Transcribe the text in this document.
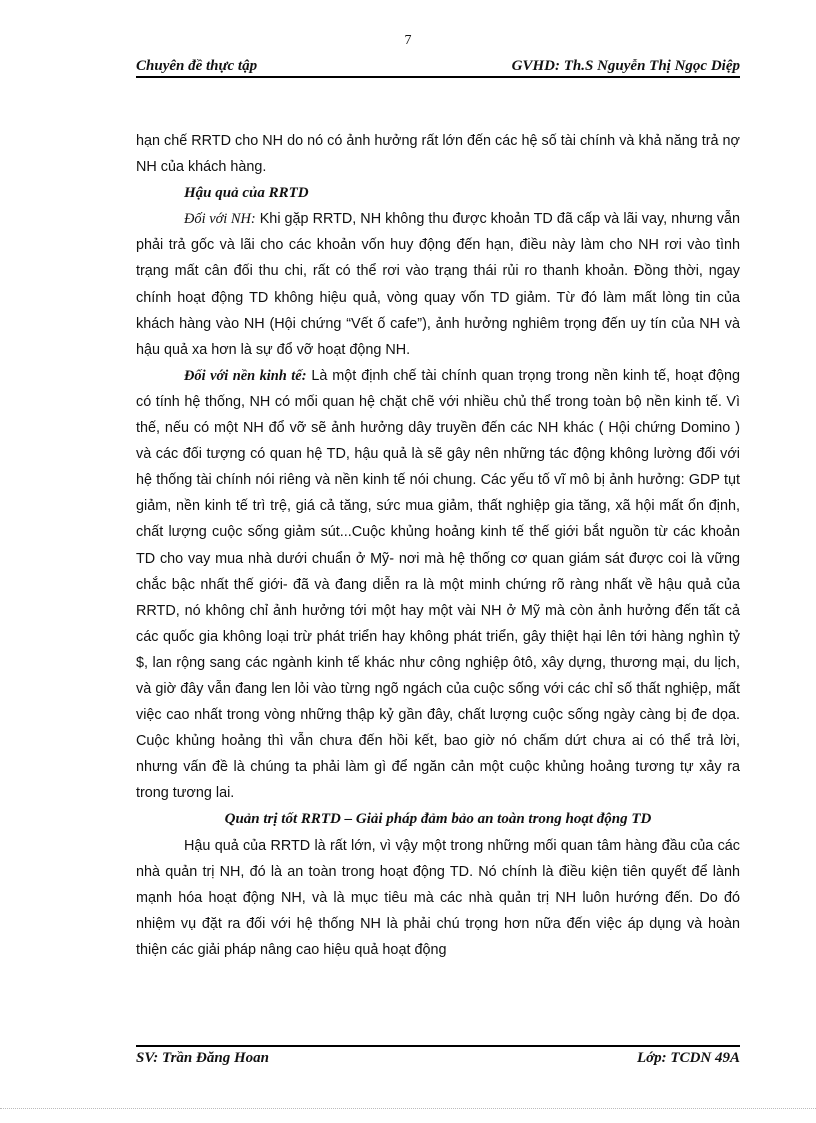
7
Chuyên đề thực tập	GVHD: Th.S Nguyễn Thị Ngọc Diệp

hạn chế RRTD cho NH do nó có ảnh hưởng rất lớn đến các hệ số tài chính và khả năng trả nợ NH của khách hàng.

Hậu quả của RRTD

Đối với NH: Khi gặp RRTD, NH không thu được khoản TD đã cấp và lãi vay, nhưng vẫn phải trả gốc và lãi cho các khoản vốn huy động đến hạn, điều này làm cho NH rơi vào tình trạng mất cân đối thu chi, rất có thể rơi vào trạng thái rủi ro thanh khoản. Đồng thời, ngay chính hoạt động TD không hiệu quả, vòng quay vốn TD giảm. Từ đó làm mất lòng tin của khách hàng vào NH (Hội chứng “Vết ố cafe”), ảnh hưởng nghiêm trọng đến uy tín của NH và hậu quả xa hơn là sự đổ vỡ hoạt động NH.

Đối với nền kinh tế: Là một định chế tài chính quan trọng trong nền kinh tế, hoạt động có tính hệ thống, NH có mối quan hệ chặt chẽ với nhiều chủ thể trong toàn bộ nền kinh tế. Vì thế, nếu có một NH đổ vỡ sẽ ảnh hưởng dây truyền đến các NH khác ( Hội chứng Domino ) và các đối tượng có quan hệ TD, hậu quả là sẽ gây nên những tác động không lường đối với hệ thống tài chính nói riêng và nền kinh tế nói chung. Các yếu tố vĩ mô bị ảnh hưởng: GDP tụt giảm, nền kinh tế trì trệ, giá cả tăng, sức mua giảm, thất nghiệp gia tăng, xã hội mất ổn định, chất lượng cuộc sống giảm sút...Cuộc khủng hoảng kinh tế thế giới bắt nguồn từ các khoản TD cho vay mua nhà dưới chuẩn ở Mỹ- nơi mà hệ thống cơ quan giám sát được coi là vững chắc bậc nhất thế giới- đã và đang diễn ra là một minh chứng rõ ràng nhất về hậu quả của RRTD, nó không chỉ ảnh hưởng tới một hay một vài NH ở Mỹ mà còn ảnh hưởng đến tất cả các quốc gia không loại trừ phát triển hay không phát triển, gây thiệt hại lên tới hàng nghìn tỷ $, lan rộng sang các ngành kinh tế khác như công nghiệp ôtô, xây dựng, thương mại, du lịch, và giờ đây vẫn đang len lỏi vào từng ngõ ngách của cuộc sống với các chỉ số thất nghiệp, mất việc cao nhất trong vòng những thập kỷ gần đây, chất lượng cuộc sống ngày càng bị đe dọa. Cuộc khủng hoảng thì vẫn chưa đến hồi kết, bao giờ nó chấm dứt chưa ai có thể trả lời, nhưng vấn đề là chúng ta phải làm gì để ngăn cản một cuộc khủng hoảng tương tự xảy ra trong tương lai.

Quản trị tốt RRTD – Giải pháp đảm bảo an toàn trong hoạt động TD

Hậu quả của RRTD là rất lớn, vì vậy một trong những mối quan tâm hàng đầu của các nhà quản trị NH, đó là an toàn trong hoạt động TD. Nó chính là điều kiện tiên quyết để lành mạnh hóa hoạt động NH, và là mục tiêu mà các nhà quản trị NH luôn hướng đến. Do đó nhiệm vụ đặt ra đối với hệ thống NH là phải chú trọng hơn nữa đến việc áp dụng và hoàn thiện các giải pháp nâng cao hiệu quả hoạt động

SV: Trần Đăng Hoan	Lớp: TCDN 49A
